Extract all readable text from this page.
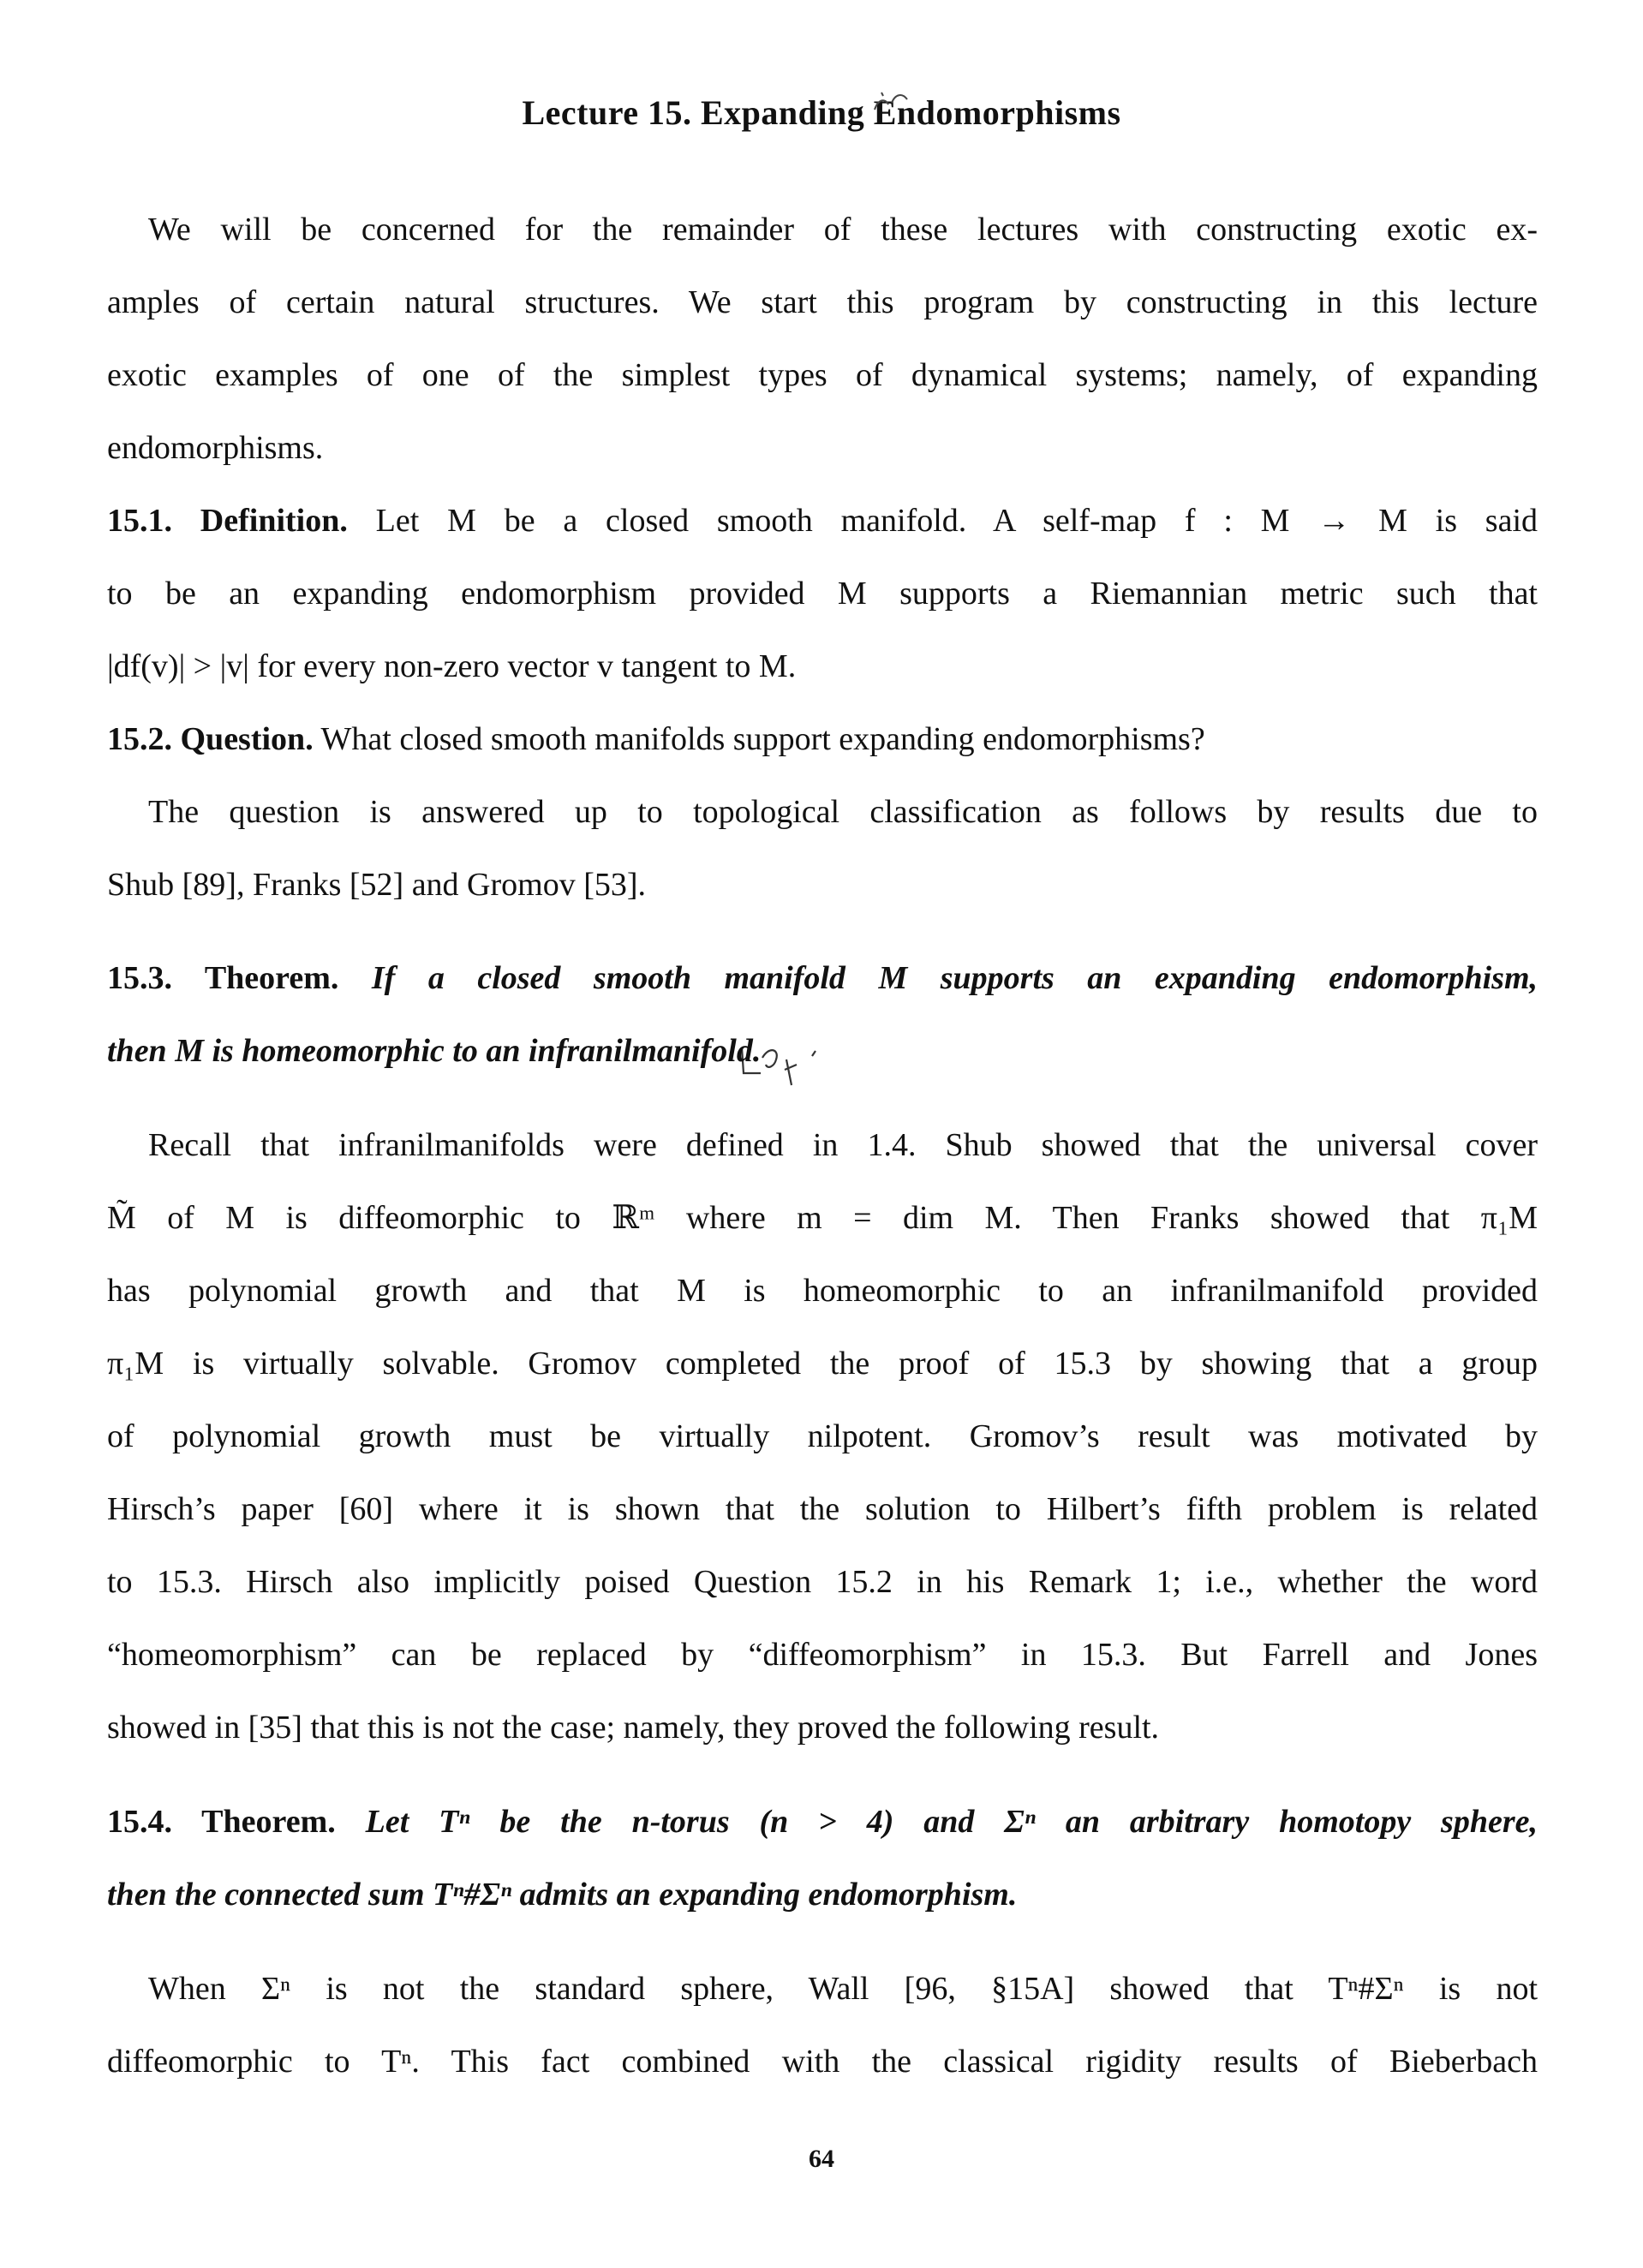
Lecture 15. Expanding Endomorphisms
We will be concerned for the remainder of these lectures with constructing exotic ex-
amples of certain natural structures. We start this program by constructing in this lecture
exotic examples of one of the simplest types of dynamical systems; namely, of expanding
endomorphisms.
15.1. Definition. Let M be a closed smooth manifold. A self-map f : M → M is said
to be an expanding endomorphism provided M supports a Riemannian metric such that
|df(v)| > |v| for every non-zero vector v tangent to M.
15.2. Question. What closed smooth manifolds support expanding endomorphisms?
The question is answered up to topological classification as follows by results due to
Shub [89], Franks [52] and Gromov [53].
15.3. Theorem. If a closed smooth manifold M supports an expanding endomorphism,
then M is homeomorphic to an infranilmanifold.
Recall that infranilmanifolds were defined in 1.4. Shub showed that the universal cover
M̃ of M is diffeomorphic to ℝᵐ where m = dim M. Then Franks showed that π₁M
has polynomial growth and that M is homeomorphic to an infranilmanifold provided
π₁M is virtually solvable. Gromov completed the proof of 15.3 by showing that a group
of polynomial growth must be virtually nilpotent. Gromov’s result was motivated by
Hirsch’s paper [60] where it is shown that the solution to Hilbert’s fifth problem is related
to 15.3. Hirsch also implicitly poised Question 15.2 in his Remark 1; i.e., whether the word
“homeomorphism” can be replaced by “diffeomorphism” in 15.3. But Farrell and Jones
showed in [35] that this is not the case; namely, they proved the following result.
15.4. Theorem. Let Tⁿ be the n-torus (n > 4) and Σⁿ an arbitrary homotopy sphere,
then the connected sum Tⁿ#Σⁿ admits an expanding endomorphism.
When Σⁿ is not the standard sphere, Wall [96, §15A] showed that Tⁿ#Σⁿ is not
diffeomorphic to Tⁿ. This fact combined with the classical rigidity results of Bieberbach
64
